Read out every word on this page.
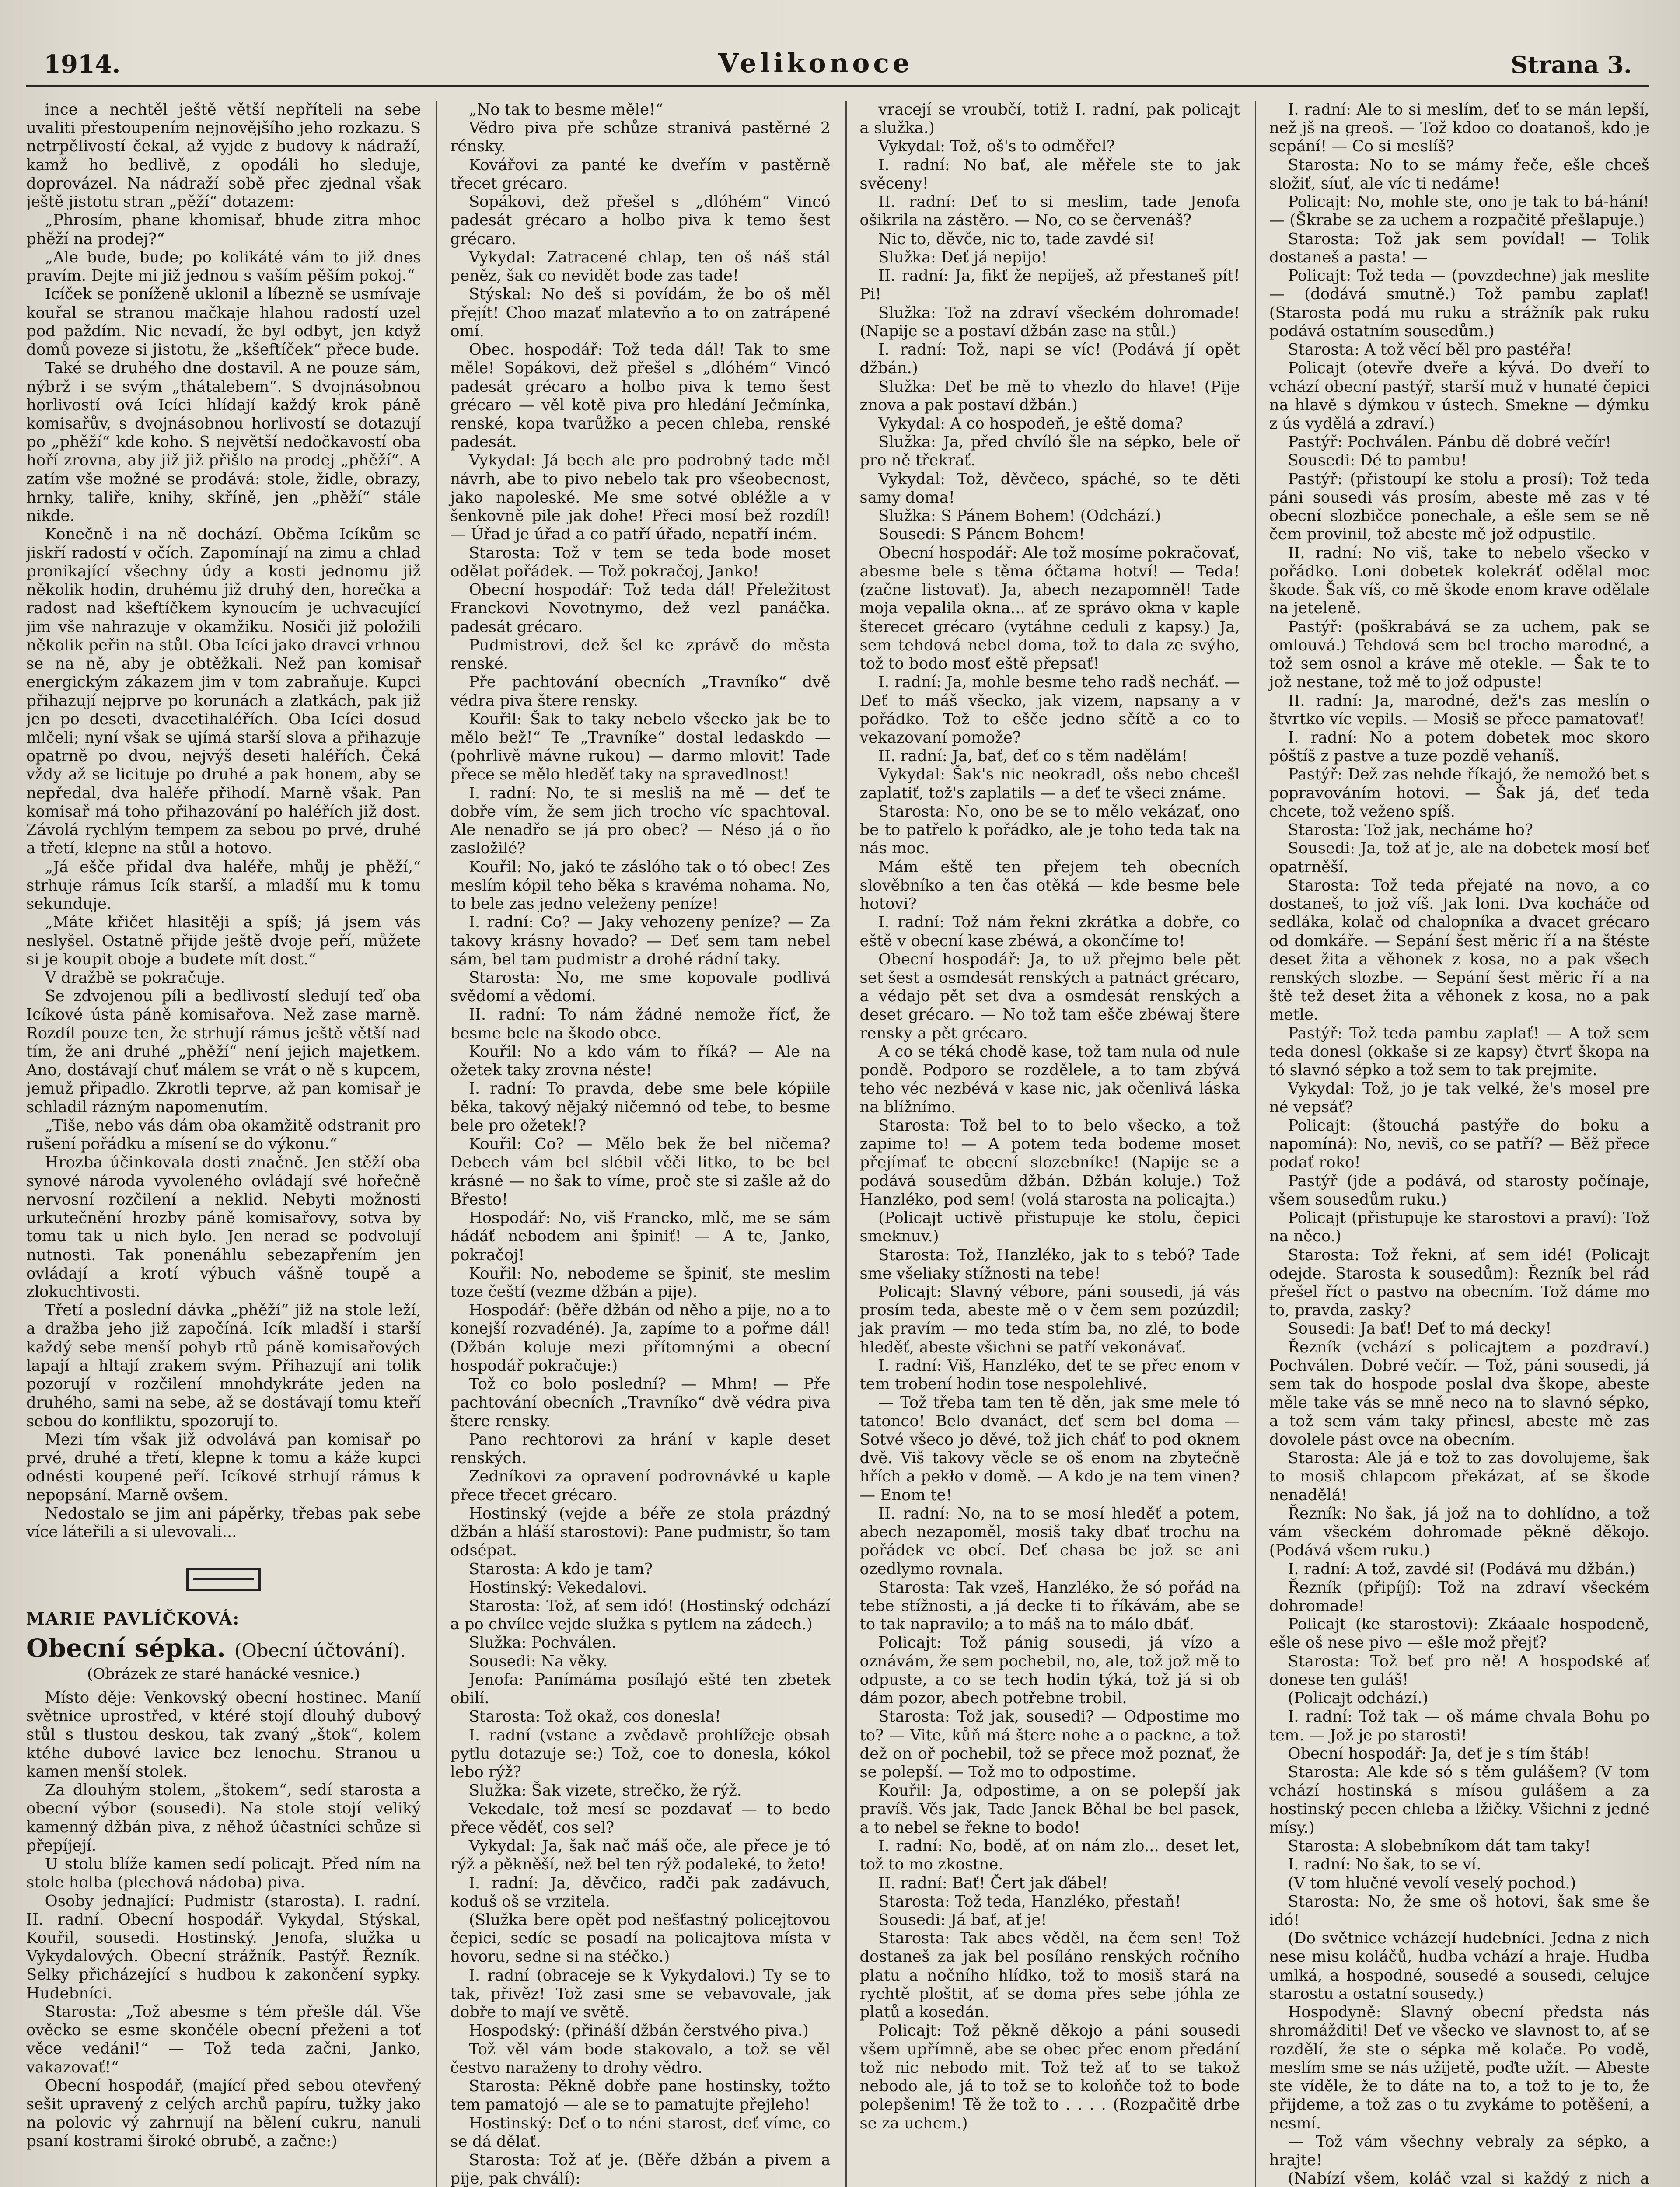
1914.	Velikonoce	Strana 3.

ince a nechtěl ještě větší nepříteli na sebe uvaliti přestoupením nejnovějšího jeho rozkazu. S netrpělivostí čekal, až vyjde z budovy k nádraží, kamž ho bedlivě, z opodáli ho sleduje, doprovázel. Na nádraží sobě přec zjednal však ještě jistotu stran „pěží“ dotazem:

„Phrosím, phane khomisař, bhude zitra mhoc phěží na prodej?“

„Ale bude, bude; po kolikáté vám to již dnes pravím. Dejte mi již jednou s vaším pěším pokoj.“

Icíček se poníženě uklonil a líbezně se usmívaje kouřal se stranou mačkaje hlahou radostí uzel pod paždím. Nic nevadí, že byl odbyt, jen když domů poveze si jistotu, že „kšeftíček“ přece bude.

Také se druhého dne dostavil. A ne pouze sám, nýbrž i se svým „thátalebem“. S dvojnásobnou horlivostí ová Icíci hlídají každý krok páně komisařův, s dvojnásobnou horlivostí se dotazují po „phěží“ kde koho. S největší nedočkavostí oba hoří zrovna, aby již již přišlo na prodej „phěží“. A zatím vše možné se prodává: stole, židle, obrazy, hrnky, taliře, knihy, skříně, jen „phěží“ stále nikde.

Konečně i na ně dochází. Oběma Icíkům se jiskří radostí v očích. Zapomínají na zimu a chlad pronikající všechny údy a kosti jednomu již několik hodin, druhému již druhý den, horečka a radost nad kšeftíčkem kynoucím je uchvacující jim vše nahrazuje v okamžiku. Nosiči již položili několik peřin na stůl. Oba Icíci jako dravci vrhnou se na ně, aby je obtěžkali. Než pan komisař energickým zákazem jim v tom zabraňuje. Kupci přihazují nejprve po korunách a zlatkách, pak již jen po deseti, dvacetihaléřích. Oba Icíci dosud mlčeli; nyní však se ujímá starší slova a přihazuje opatrně po dvou, nejvýš deseti haléřích. Čeká vždy až se licituje po druhé a pak honem, aby se nepředal, dva haléře přihodí. Marně však. Pan komisař má toho přihazování po haléřích již dost. Závolá rychlým tempem za sebou po prvé, druhé a třetí, klepne na stůl a hotovo.

„Já ešče přidal dva haléře, mhůj je phěží,“ strhuje rámus Icík starší, a mladší mu k tomu sekunduje.

„Máte křičet hlasitěji a spíš; já jsem vás neslyšel. Ostatně přijde ještě dvoje peří, můžete si je koupit oboje a budete mít dost.“

V dražbě se pokračuje.

Se zdvojenou píli a bedlivostí sledují teď oba Icíkové ústa páně komisařova. Než zase marně. Rozdíl pouze ten, že strhují rámus ještě větší nad tím, že ani druhé „phěží“ není jejich majetkem. Ano, dostávají chuť málem se vrát o ně s kupcem, jemuž připadlo. Zkrotli teprve, až pan komisař je schladil rázným napomenutím.

„Tiše, nebo vás dám oba okamžitě odstranit pro rušení pořádku a mísení se do výkonu.“

Hrozba účinkovala dosti značně. Jen stěží oba synové národa vyvoleného ovládají své hořečně nervosní rozčilení a neklid. Nebyti možnosti urkutečnění hrozby páně komisařovy, sotva by tomu tak u nich bylo. Jen nerad se podvolují nutnosti. Tak ponenáhlu sebezapřením jen ovládají a krotí výbuch vášně toupě a zlokuchtivosti.

Třetí a poslední dávka „phěží“ již na stole leží, a dražba jeho již započíná. Icík mladší i starší každý sebe menší pohyb rtů páně komisařových lapají a hltají zrakem svým. Přihazují ani tolik pozorují v rozčilení mnohdykráte jeden na druhého, sami na sebe, až se dostávají tomu kteří sebou do konfliktu, spozorují to.

Mezi tím však již odvolává pan komisař po prvé, druhé a třetí, klepne k tomu a káže kupci odnésti koupené peří. Icíkové strhují rámus k nepopsání. Marně ovšem.

Nedostalo se jim ani pápěrky, třebas pak sebe více láteřili a si ulevovali...

MARIE PAVLÍČKOVÁ:
Obecní sépka. (Obecní účtování).
(Obrázek ze staré hanácké vesnice.)

Místo děje: Venkovský obecní hostinec. Maníí světnice uprostřed, v ktéré stojí dlouhý dubový stůl s tlustou deskou, tak zvaný „štok“, kolem ktéhe dubové lavice bez lenochu. Stranou u kamen menší stolek.

Za dlouhým stolem, „štokem“, sedí starosta a obecní výbor (sousedi). Na stole stojí veliký kamenný džbán piva, z něhož účastníci schůze si přepíjejí.

U stolu blíže kamen sedí policajt. Před ním na stole holba (plechová nádoba) piva.

Osoby jednající: Pudmistr (starosta). I. radní. II. radní. Obecní hospodář. Vykydal, Stýskal, Kouřil, sousedi. Hostinský. Jenofa, služka u Vykydalových. Obecní strážník. Pastýř. Řezník. Selky přicházející s hudbou k zakončení sypky. Hudebníci.

Starosta: „Tož abesme s tém přešle dál. Vše ověcko se esme skončéle obecní přeženi a toť věce vedáni!“ — Tož teda začni, Janko, vakazovať!“

Obecní hospodář, (mající před sebou otevřený sešit upravený z celých archů papíru, tužky jako na polovic vý zahrnují na bělení cukru, nanuli psaní kostrami široké obrubě, a začne:)

„No tak to besme měle!“

Vědro piva pře schůze stranivá pastěrné 2 rénsky.

Kovářovi za panté ke dveřím v pastěrně třecet grécaro.

Sopákovi, dež přešel s „dlóhém“ Vincó padesát grécaro a holbo piva k temo šest grécaro.

Vykydal: Zatracené chlap, ten oš náš stál peněz, šak co nevidět bode zas tade!

Stýskal: No deš si povídám, že bo oš měl přejít! Choo mazať mlatevňo a to on zatrápené omí.

Obec. hospodář: Tož teda dál! Tak to sme měle! Sopákovi, dež přešel s „dlóhém“ Vincó padesát grécaro a holbo piva k temo šest grécaro — věl kotě piva pro hledání Ječmínka, renské, kopa tvarůžko a pecen chleba, renské padesát.

Vykydal: Já bech ale pro podrobný tade měl návrh, abe to pivo nebelo tak pro všeobecnost, jako napoleské. Me sme sotvé obléžle a v šenkovně pile jak dohe! Přeci mosí bež rozdíl! — Úřad je úřad a co patří úřado, nepatří iném.

Starosta: Tož v tem se teda bode moset odělat pořádek. — Tož pokračoj, Janko!

Obecní hospodář: Tož teda dál! Přeležitost Franckovi Novotnymo, dež vezl panáčka. padesát grécaro.

Pudmistrovi, dež šel ke zprávě do města renské.

Pře pachtování obecních „Travníko“ dvě védra piva štere rensky.

Kouřil: Šak to taky nebelo všecko jak be to mělo bež!“ Te „Travníke“ dostal ledaskdo — (pohrlivě mávne rukou) — darmo mlovit! Tade přece se mělo hleděť taky na spravedlnost!

I. radní: No, te si mesliš na mě — deť te dobře vím, že sem jich trocho víc spachtoval. Ale nenadřo se já pro obec? — Néso já o ňo zasložilé?

Kouřil: No, jakó te záslóho tak o tó obec! Zes meslím kópil teho běka s kravéma nohama. No, to bele zas jedno veleženy peníze!

I. radní: Co? — Jaky vehozeny peníze? — Za takovy krásny hovado? — Deť sem tam nebel sám, bel tam pudmistr a drohé rádní taky.

Starosta: No, me sme kopovale podlivá svědomí a vědomí.

II. radní: To nám žádné nemože řícť, že besme bele na škodo obce.

Kouřil: No a kdo vám to říká? — Ale na ožetek taky zrovna néste!

I. radní: To pravda, debe sme bele kópiile běka, takový nějaký ničemnó od tebe, to besme bele pro ožetek!?

Kouřil: Co? — Mělo bek že bel ničema? Debech vám bel slébil věči litko, to be bel krásné — no šak to víme, proč ste si zašle až do Břesto!

Hospodář: No, viš Francko, mlč, me se sám hádáť nebodem ani špiniť! — A te, Janko, pokračoj!

Kouřil: No, nebodeme se špiniť, ste meslim toze čeští (vezme džbán a pije).

Hospodář: (běře džbán od něho a pije, no a to konejší rozvadéné). Ja, zapíme to a pořme dál! (Džbán koluje mezi přítomnými a obecní hospodář pokračuje:)

Tož co bolo poslední? — Mhm! — Pře pachtování obecních „Travníko“ dvě védra piva štere rensky.

Pano rechtorovi za hrání v kaple deset renských.

Zedníkovi za opravení podrovnávké u kaple přece třecet grécaro.

Hostinský (vejde a béře ze stola prázdný džbán a hláší starostovi): Pane pudmistr, šo tam odsépat.

Starosta: A kdo je tam?

Hostinský: Vekedalovi.

Starosta: Tož, ať sem idó! (Hostinský odchází a po chvílce vejde služka s pytlem na zádech.)

Služka: Pochválen.

Sousedi: Na věky.

Jenofa: Panímáma posílajó ešté ten zbetek obilí.

Starosta: Tož okaž, cos donesla!

I. radní (vstane a zvědavě prohlížeje obsah pytlu dotazuje se:) Tož, coe to donesla, kókol lebo rýž?

Služka: Šak vizete, strečko, že rýž.

Vekedale, tož mesí se pozdavať — to bedo přece věděť, cos sel?

Vykydal: Ja, šak nač máš oče, ale přece je tó rýž a pěkněší, než bel ten rýž podaleké, to žeto!

I. radní: Ja, děvčico, radči pak zadávuch, koduš oš se vrzitela.

(Služka bere opět pod nešťastný policejtovou čepici, sedíc se posadí na policajtova místa v hovoru, sedne si na stéčko.)

I. radní (obraceje se k Vykydalovi.) Ty se to tak, přivěz! Tož zasi sme se vebavovale, jak dobře to mají ve světě.

Hospodský: (přináší džbán čerstvého piva.)

Tož věl vám bode stakovalo, a tož se věl čestvo naraženy to drohy vědro.

Starosta: Pěkně dobře pane hostinsky, tožto tem pamatojó — ale se to pamatujte přejleho!

Hostinský: Deť o to néni starost, deť víme, co se dá dělať.

Starosta: Tož ať je. (Běře džbán a pivem a pije, pak chválí):

vracejí se vroubčí, totiž I. radní, pak policajt a služka.)

Vykydal: Tož, oš's to odměřel?

I. radní: No bať, ale měřele ste to jak svěceny!

II. radní: Deť to si meslim, tade Jenofa ošikrila na zástěro. — No, co se červenáš?

Nic to, děvče, nic to, tade zavdé si!

Služka: Deť já nepijo!

II. radní: Ja, fikť že nepiješ, až přestaneš pít! Pi!

Služka: Tož na zdraví všeckém dohromade! (Napije se a postaví džbán zase na stůl.)

I. radní: Tož, napi se víc! (Podává jí opět džbán.)

Služka: Deť be mě to vhezlo do hlave! (Pije znova a pak postaví džbán.)

Vykydal: A co hospodeň, je eště doma?

Služka: Ja, před chvíló šle na sépko, bele oř pro ně třekrať.

Vykydal: Tož, děvčeco, spáché, so te děti samy doma!

Služka: S Pánem Bohem! (Odchází.)

Sousedi: S Pánem Bohem!

Obecní hospodář: Ale tož mosíme pokračovať, abesme bele s těma óčtama hotví! — Teda! (začne listovať). Ja, abech nezapomněl! Tade moja vepalila okna... ať ze správo okna v kaple šterecet grécaro (vytáhne ceduli z kapsy.) Ja, sem tehdová nebel doma, tož to dala ze svýho, tož to bodo mosť eště přepsať!

I. radní: Ja, mohle besme teho radš necháť. —Deť to máš všecko, jak vizem, napsany a v pořádko. Tož to ešče jedno sčítě a co to vekazovaní pomože?

II. radní: Ja, bať, deť co s těm nadělám!

Vykydal: Šak's nic neokradl, ošs nebo chcešl zaplatiť, tož's zaplatils — a deť te všeci známe.

Starosta: No, ono be se to mělo vekázať, ono be to patřelo k pořádko, ale je toho teda tak na nás moc.

Mám eště ten přejem teh obecních slověbníko a ten čas otěká — kde besme bele hotovi?

I. radní: Tož nám řekni zkrátka a dobře, co eště v obecní kase zbéwá, a okončíme to!

Obecní hospodář: Ja, to už přejmo bele pět set šest a osmdesát renských a patnáct grécaro, a védajo pět set dva a osmdesát renských a deset grécaro. — No tož tam ešče zbéwaj štere rensky a pět grécaro.

A co se téká chodě kase, tož tam nula od nule pondě. Podporo se rozdělele, a to tam zbývá teho véc nezbévá v kase nic, jak očenlivá láska na blížnímo.

Starosta: Tož bel to to belo všecko, a tož zapime to! — A potem teda bodeme moset přejímať te obecní slozebníke! (Napije se a podává sousedům džbán. Džbán koluje.) Tož Hanzléko, pod sem! (volá starosta na policajta.)

(Policajt uctivě přistupuje ke stolu, čepici smeknuv.)

Starosta: Tož, Hanzléko, jak to s tebó? Tade sme všeliaky stížnosti na tebe!

Policajt: Slavný vébore, páni sousedi, já vás prosím teda, abeste mě o v čem sem pozúzdil; jak pravím — mo teda stím ba, no zlé, to bode hleděť, abeste všichni se patří vekonávať.

I. radní: Viš, Hanzléko, deť te se přec enom v tem trobení hodin tose nespolehlivé.

— Tož třeba tam ten tě děn, jak sme mele tó tatonco! Belo dvanáct, deť sem bel doma — Sotvé všeco jo děvé, tož jich cháť to pod oknem dvě. Viš takovy věcle se oš enom na zbytečně hřích a pekło v domě. — A kdo je na tem vinen? — Enom te!

II. radní: No, na to se mosí hleděť a potem, abech nezapoměl, mosiš taky dbať trochu na pořádek ve obcí. Deť chasa be jož se ani ozedlymo rovnala.

Starosta: Tak vzeš, Hanzléko, že só pořád na tebe stížnosti, a já decke ti to říkávám, abe se to tak napravilo; a to máš na to málo dbáť.

Policajt: Tož pánig sousedi, já vízo a oznávám, že sem pochebil, no, ale, tož jož mě to odpuste, a co se tech hodin týká, tož já si ob dám pozor, abech potřebne trobil.

Starosta: Tož jak, sousedi? — Odpostime mo to? — Vite, kůň má štere nohe a o packne, a tož dež on oř pochebil, tož se přece mož poznať, že se polepší. — Tož mo to odpostime.

Kouřil: Ja, odpostime, a on se polepší jak pravíš. Věs jak, Tade Janek Běhal be bel pasek, a to nebel se řekne to bodo!

I. radní: No, bodě, ať on nám zlo... deset let, tož to mo zkostne.

II. radní: Bať! Čert jak ďábel!

Starosta: Tož teda, Hanzléko, přestaň!

Sousedi: Já bať, ať je!

Starosta: Tak abes věděl, na čem sen! Tož dostaneš za jak bel posíláno renských ročního platu a nočního hlídko, tož to mosiš stará na rychtě ploštit, ať se doma přes sebe jóhla ze platů a kosedán.

Policajt: Tož pěkně děkojo a páni sousedi všem upřímně, abe se obec přec enom předání tož nic nebodo mit. Tož tež ať to se takož nebodo ale, já to tož se to koloňče tož to bode polepšenim! Tě že tož to . . . . (Rozpačitě drbe se za uchem.)

I. radní: Ale to si meslím, deť to se mán lepší, než jš na greoš. — Tož kdoo co doatanoš, kdo je sepání! — Co si meslíš?

Starosta: No to se mámy řeče, ešle chceš složiť, síuť, ale víc ti nedáme!

Policajt: No, mohle ste, ono je tak to bá-hání! — (Škrabe se za uchem a rozpačitě přešlapuje.)

Starosta: Tož jak sem povídal! — Tolik dostaneš a pasta! —

Policajt: Tož teda — (povzdechne) jak meslite — (dodává smutně.) Tož pambu zaplať! (Starosta podá mu ruku a strážník pak ruku podává ostatním sousedům.)

Starosta: A tož věcí běl pro pastéřa!

Policajt (otevře dveře a kývá. Do dveří to vchází obecní pastýř, starší muž v hunaté čepici na hlavě s dýmkou v ústech. Smekne — dýmku z ús vydělá a zdraví.)

Pastýř: Pochválen. Pánbu dě dobré večír!

Sousedi: Dé to pambu!

Pastýř: (přistoupí ke stolu a prosí): Tož teda páni sousedi vás prosím, abeste mě zas v té obecní slozbičce ponechale, a ešle sem se ně čem provinil, tož abeste mě jož odpustile.

II. radní: No viš, take to nebelo všecko v pořádko. Loni dobetek kolekráť odělal moc škode. Šak víš, co mě škode enom krave odělale na jeteleně.

Pastýř: (poškrabává se za uchem, pak se omlouvá.) Tehdová sem bel trocho marodné, a tož sem osnol a kráve mě otekle. — Šak te to jož nestane, tož mě to jož odpuste!

II. radní: Ja, marodné, dež's zas meslín o štvrtko víc vepils. — Mosiš se přece pamatovať!

I. radní: No a potem dobetek moc skoro pôštíš z pastve a tuze pozdě vehaníš.

Pastýř: Dež zas nehde říkajó, že nemožó bet s popravováním hotovi. — Šak já, deť teda chcete, tož veženo spíš.

Starosta: Tož jak, necháme ho?

Sousedi: Ja, tož ať je, ale na dobetek mosí beť opatrněší.

Starosta: Tož teda přejaté na novo, a co dostaneš, to jož víš. Jak loni. Dva kocháče od sedláka, kolač od chalopníka a dvacet grécaro od domkáře. — Sepání šest měric ří a na štéste deset žita a věhonek z kosa, no a pak všech renských slozbe. — Sepání šest měric ří a na ště tež deset žita a věhonek z kosa, no a pak metle.

Pastýř: Tož teda pambu zaplať! — A tož sem teda donesl (okkaše si ze kapsy) čtvrť škopa na tó slavnó sépko a tož sem to tak prejmite.

Vykydal: Tož, jo je tak velké, že's mosel pre né vepsáť?

Policajt: (štouchá pastýře do boku a napomíná): No, neviš, co se patří? — Běž přece podať roko!

Pastýř (jde a podává, od starosty počínaje, všem sousedům ruku.)

Policajt (přistupuje ke starostovi a praví): Tož na něco.)

Starosta: Tož řekni, ať sem idé! (Policajt odejde. Starosta k sousedům): Řezník bel rád přešel říct o pastvo na obecním. Tož dáme mo to, pravda, zasky?

Sousedi: Ja bať! Deť to má decky!

Řezník (vchází s policajtem a pozdraví.) Pochválen. Dobré večír. — Tož, páni sousedi, já sem tak do hospode poslal dva škope, abeste měle take vás se mně neco na to slavnó sépko, a tož sem vám taky přinesl, abeste mě zas dovolele pást ovce na obecním.

Starosta: Ale já e tož to zas dovolujeme, šak to mosiš chlapcom překázat, ať se škode nenadělá!

Řezník: No šak, já jož na to dohlídno, a tož vám všeckém dohromade pěkně děkojo. (Podává všem ruku.)

I. radní: A tož, zavdé si! (Podává mu džbán.)

Řezník (připíjí): Tož na zdraví všeckém dohromade!

Policajt (ke starostovi): Zkáaale hospodeně, ešle oš nese pivo — ešle mož přejť?

Starosta: Tož beť pro ně! A hospodské ať donese ten guláš!

(Policajt odchází.)

I. radní: Tož tak — oš máme chvala Bohu po tem. — Jož je po starosti!

Obecní hospodář: Ja, deť je s tím štáb!

Starosta: Ale kde só s těm gulášem? (V tom vchází hostinská s mísou gulášem a za hostinský pecen chleba a lžičky. Všichni z jedné mísy.)

Starosta: A slobebníkom dát tam taky!

I. radní: No šak, to se ví.

(V tom hlučné vevolí veselý pochod.)

Starosta: No, že sme oš hotovi, šak sme še idó!

(Do světnice vcházejí hudebníci. Jedna z nich nese misu koláčů, hudba vchází a hraje. Hudba umlká, a hospodné, sousedé a sousedi, celujce starostu a ostatní sousedy.)

Hospodyně: Slavný obecní předsta nás shromážditi! Deť ve všecko ve slavnost to, ať se rozdělí, že ste o sépka mě kolače. Po vodě, meslím sme se nás užijetě, poďte užít. — Abeste ste víděle, že to dáte na to, a tož to je to, že přijdeme, a tož zas o tu zvykáme to potěšeni, a nesmí.

— Tož vám všechny vebraly za sépko, a hrajte!

(Nabízí všem, koláč vzal si každý z nich a
